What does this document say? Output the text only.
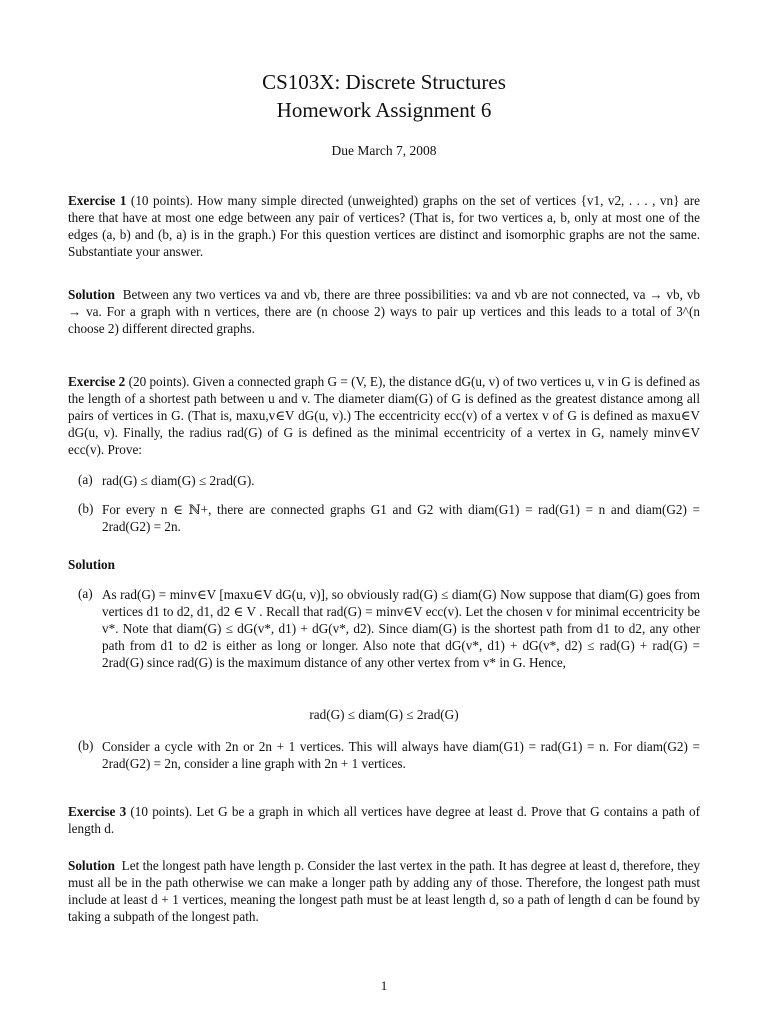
CS103X: Discrete Structures
Homework Assignment 6
Due March 7, 2008
Exercise 1 (10 points). How many simple directed (unweighted) graphs on the set of vertices {v1, v2, . . . , vn} are there that have at most one edge between any pair of vertices? (That is, for two vertices a, b, only at most one of the edges (a, b) and (b, a) is in the graph.) For this question vertices are distinct and isomorphic graphs are not the same. Substantiate your answer.
Solution Between any two vertices va and vb, there are three possibilities: va and vb are not connected, va → vb, vb → va. For a graph with n vertices, there are (n choose 2) ways to pair up vertices and this leads to a total of 3^(n choose 2) different directed graphs.
Exercise 2 (20 points). Given a connected graph G = (V, E), the distance dG(u, v) of two vertices u, v in G is defined as the length of a shortest path between u and v. The diameter diam(G) of G is defined as the greatest distance among all pairs of vertices in G. (That is, maxu,v∈V dG(u, v).) The eccentricity ecc(v) of a vertex v of G is defined as maxu∈V dG(u, v). Finally, the radius rad(G) of G is defined as the minimal eccentricity of a vertex in G, namely minv∈V ecc(v). Prove:
(a) rad(G) ≤ diam(G) ≤ 2rad(G).
(b) For every n ∈ ℕ+, there are connected graphs G1 and G2 with diam(G1) = rad(G1) = n and diam(G2) = 2rad(G2) = 2n.
Solution
(a) As rad(G) = minv∈V [maxu∈V dG(u, v)], so obviously rad(G) ≤ diam(G) Now suppose that diam(G) goes from vertices d1 to d2, d1, d2 ∈ V . Recall that rad(G) = minv∈V ecc(v). Let the chosen v for minimal eccentricity be v*. Note that diam(G) ≤ dG(v*, d1) + dG(v*, d2). Since diam(G) is the shortest path from d1 to d2, any other path from d1 to d2 is either as long or longer. Also note that dG(v*, d1) + dG(v*, d2) ≤ rad(G) + rad(G) = 2rad(G) since rad(G) is the maximum distance of any other vertex from v* in G. Hence,
rad(G) ≤ diam(G) ≤ 2rad(G)
(b) Consider a cycle with 2n or 2n + 1 vertices. This will always have diam(G1) = rad(G1) = n. For diam(G2) = 2rad(G2) = 2n, consider a line graph with 2n + 1 vertices.
Exercise 3 (10 points). Let G be a graph in which all vertices have degree at least d. Prove that G contains a path of length d.
Solution Let the longest path have length p. Consider the last vertex in the path. It has degree at least d, therefore, they must all be in the path otherwise we can make a longer path by adding any of those. Therefore, the longest path must include at least d + 1 vertices, meaning the longest path must be at least length d, so a path of length d can be found by taking a subpath of the longest path.
1
